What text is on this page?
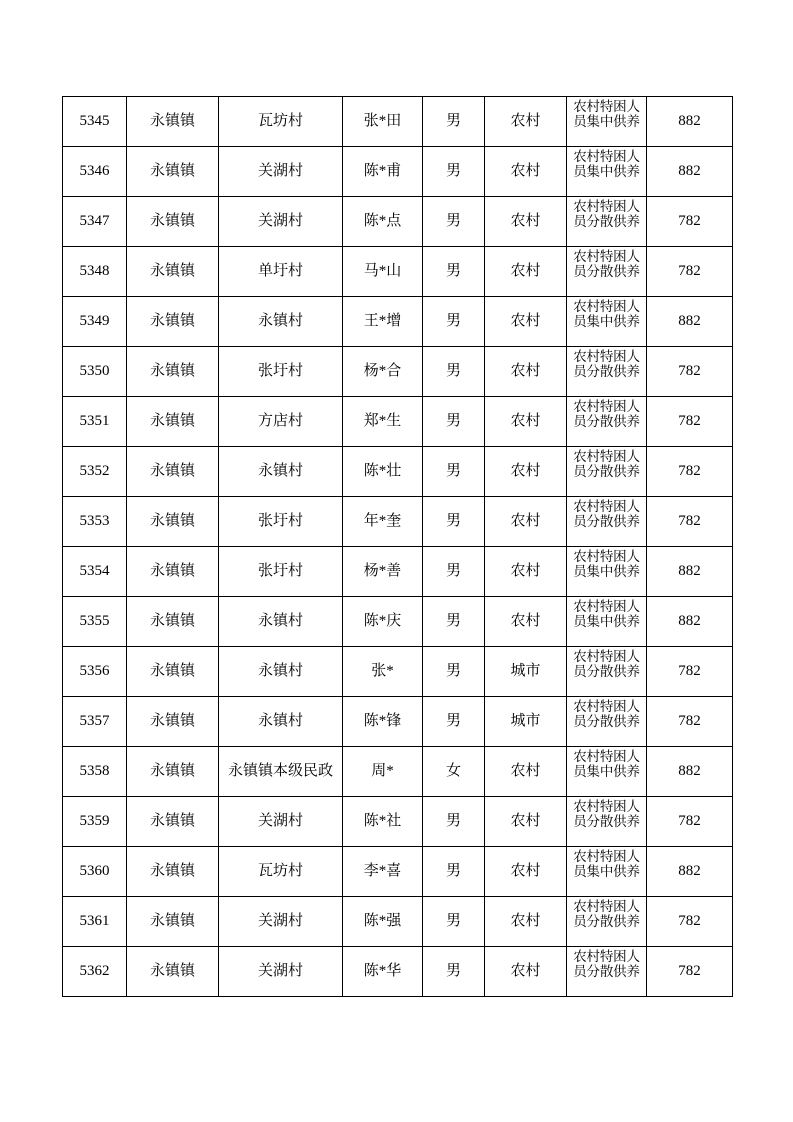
5345	永镇镇	瓦坊村	张*田	男	农村	农村特困人员集中供养	882
5346	永镇镇	关湖村	陈*甫	男	农村	农村特困人员集中供养	882
5347	永镇镇	关湖村	陈*点	男	农村	农村特困人员分散供养	782
5348	永镇镇	单圩村	马*山	男	农村	农村特困人员分散供养	782
5349	永镇镇	永镇村	王*增	男	农村	农村特困人员集中供养	882
5350	永镇镇	张圩村	杨*合	男	农村	农村特困人员分散供养	782
5351	永镇镇	方店村	郑*生	男	农村	农村特困人员分散供养	782
5352	永镇镇	永镇村	陈*壮	男	农村	农村特困人员分散供养	782
5353	永镇镇	张圩村	年*奎	男	农村	农村特困人员分散供养	782
5354	永镇镇	张圩村	杨*善	男	农村	农村特困人员集中供养	882
5355	永镇镇	永镇村	陈*庆	男	农村	农村特困人员集中供养	882
5356	永镇镇	永镇村	张*	男	城市	农村特困人员分散供养	782
5357	永镇镇	永镇村	陈*锋	男	城市	农村特困人员分散供养	782
5358	永镇镇	永镇镇本级民政	周*	女	农村	农村特困人员集中供养	882
5359	永镇镇	关湖村	陈*社	男	农村	农村特困人员分散供养	782
5360	永镇镇	瓦坊村	李*喜	男	农村	农村特困人员集中供养	882
5361	永镇镇	关湖村	陈*强	男	农村	农村特困人员分散供养	782
5362	永镇镇	关湖村	陈*华	男	农村	农村特困人员分散供养	782
